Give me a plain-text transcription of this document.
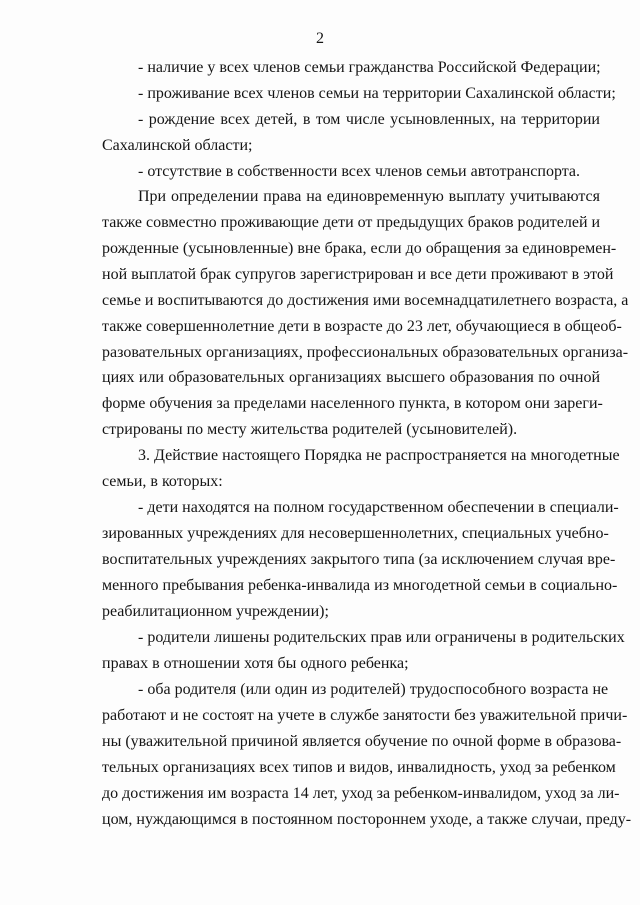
2
- наличие у всех членов семьи гражданства Российской Федерации;
- проживание всех членов семьи на территории Сахалинской области;
- рождение всех детей, в том числе усыновленных, на территории
Сахалинской области;
- отсутствие в собственности всех членов семьи автотранспорта.
При определении права на единовременную выплату учитываются
также совместно проживающие дети от предыдущих браков родителей и
рожденные (усыновленные) вне брака, если до обращения за единовремен-
ной выплатой брак супругов зарегистрирован и все дети проживают в этой
семье и воспитываются до достижения ими восемнадцатилетнего возраста, а
также совершеннолетние дети в возрасте до 23 лет, обучающиеся в общеоб-
разовательных организациях, профессиональных образовательных организа-
циях или образовательных организациях высшего образования по очной
форме обучения за пределами населенного пункта, в котором они зареги-
стрированы по месту жительства родителей (усыновителей).
3. Действие настоящего Порядка не распространяется на многодетные
семьи, в которых:
- дети находятся на полном государственном обеспечении в специали-
зированных учреждениях для несовершеннолетних, специальных учебно-
воспитательных учреждениях закрытого типа (за исключением случая вре-
менного пребывания ребенка-инвалида из многодетной семьи в социально-
реабилитационном учреждении);
- родители лишены родительских прав или ограничены в родительских
правах в отношении хотя бы одного ребенка;
- оба родителя (или один из родителей) трудоспособного возраста не
работают и не состоят на учете в службе занятости без уважительной причи-
ны (уважительной причиной является обучение по очной форме в образова-
тельных организациях всех типов и видов, инвалидность, уход за ребенком
до достижения им возраста 14 лет, уход за ребенком-инвалидом, уход за ли-
цом, нуждающимся в постоянном постороннем уходе, а также случаи, преду-
